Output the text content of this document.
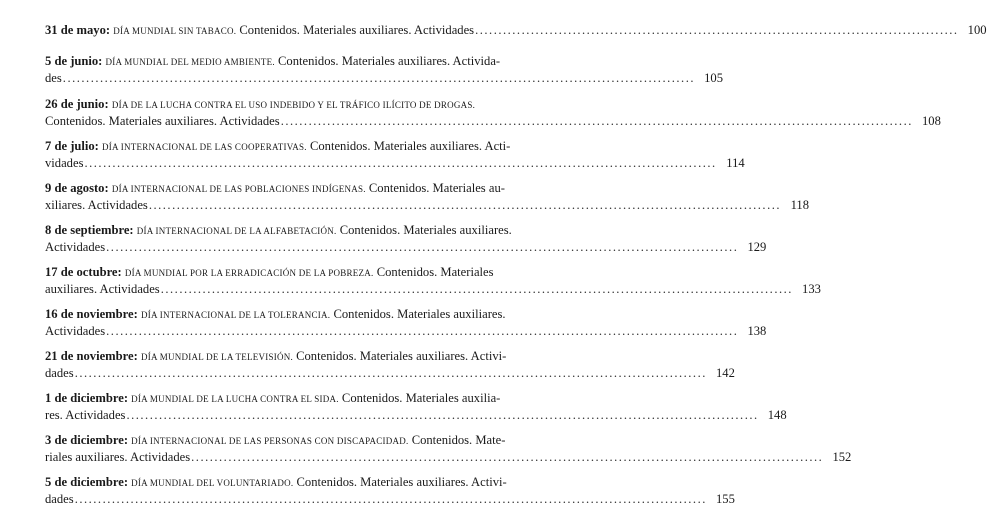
31 de mayo: DÍA MUNDIAL SIN TABACO. Contenidos. Materiales auxiliares. Actividades ........................................................................................................ 100
5 de junio: DÍA MUNDIAL DEL MEDIO AMBIENTE. Contenidos. Materiales auxiliares. Activida-
des ........................................................................................................................................ 105
26 de junio: DÍA DE LA LUCHA CONTRA EL USO INDEBIDO Y EL TRÁFICO ILÍCITO DE DROGAS.
Contenidos. Materiales auxiliares. Actividades ........................................................................................................................................ 108
7 de julio: DÍA INTERNACIONAL DE LAS COOPERATIVAS. Contenidos. Materiales auxiliares. Acti-
vidades ........................................................................................................................................ 114
9 de agosto: DÍA INTERNACIONAL DE LAS POBLACIONES INDÍGENAS. Contenidos. Materiales au-
xiliares. Actividades ........................................................................................................................................ 118
8 de septiembre: DÍA INTERNACIONAL DE LA ALFABETACIÓN. Contenidos. Materiales auxiliares.
Actividades ........................................................................................................................................ 129
17 de octubre: DÍA MUNDIAL POR LA ERRADICACIÓN DE LA POBREZA. Contenidos. Materiales
auxiliares. Actividades ........................................................................................................................................ 133
16 de noviembre: DÍA INTERNACIONAL DE LA TOLERANCIA. Contenidos. Materiales auxiliares.
Actividades ........................................................................................................................................ 138
21 de noviembre: DÍA MUNDIAL DE LA TELEVISIÓN. Contenidos. Materiales auxiliares. Activi-
dades ........................................................................................................................................ 142
1 de diciembre: DÍA MUNDIAL DE LA LUCHA CONTRA EL SIDA. Contenidos. Materiales auxilia-
res. Actividades ........................................................................................................................................ 148
3 de diciembre: DÍA INTERNACIONAL DE LAS PERSONAS CON DISCAPACIDAD. Contenidos. Mate-
riales auxiliares. Actividades ........................................................................................................................................ 152
5 de diciembre: DÍA MUNDIAL DEL VOLUNTARIADO. Contenidos. Materiales auxiliares. Activi-
dades ........................................................................................................................................ 155
